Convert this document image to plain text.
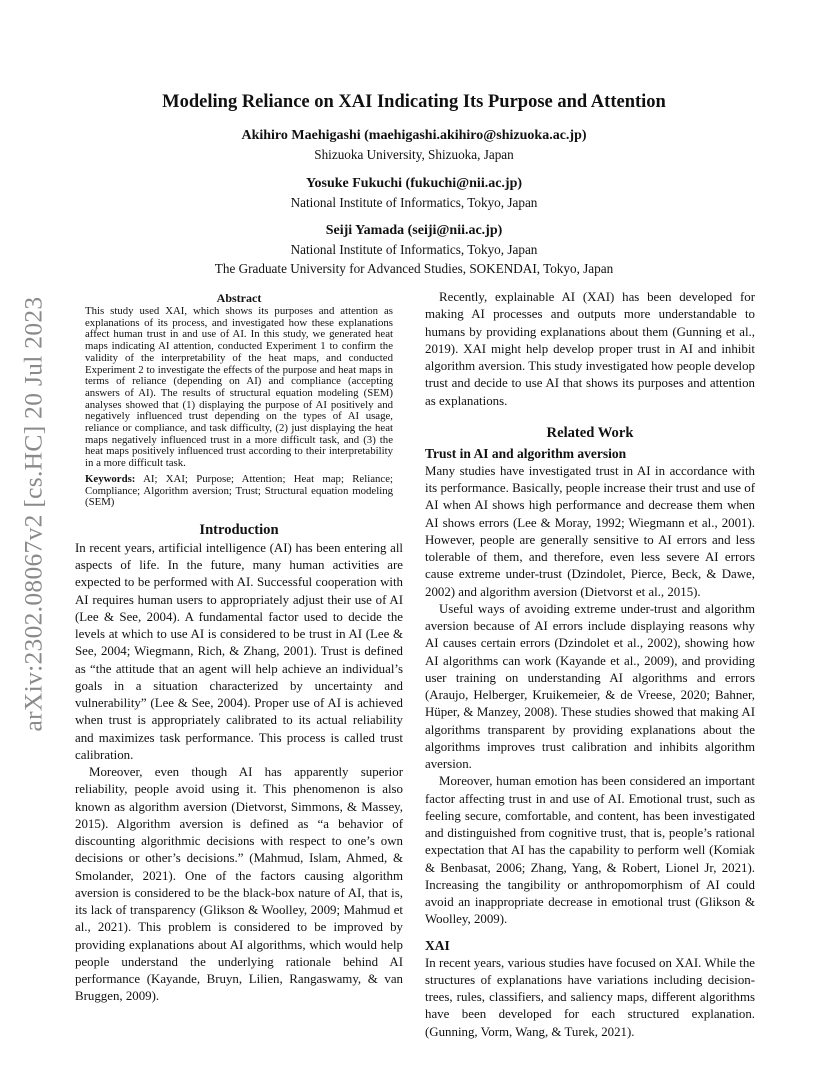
arXiv:2302.08067v2 [cs.HC] 20 Jul 2023
Modeling Reliance on XAI Indicating Its Purpose and Attention
Akihiro Maehigashi (maehigashi.akihiro@shizuoka.ac.jp)
Shizuoka University, Shizuoka, Japan
Yosuke Fukuchi (fukuchi@nii.ac.jp)
National Institute of Informatics, Tokyo, Japan
Seiji Yamada (seiji@nii.ac.jp)
National Institute of Informatics, Tokyo, Japan
The Graduate University for Advanced Studies, SOKENDAI, Tokyo, Japan
Abstract

This study used XAI, which shows its purposes and attention as explanations of its process, and investigated how these explanations affect human trust in and use of AI. In this study, we generated heat maps indicating AI attention, conducted Experiment 1 to confirm the validity of the interpretability of the heat maps, and conducted Experiment 2 to investigate the effects of the purpose and heat maps in terms of reliance (depending on AI) and compliance (accepting answers of AI). The results of structural equation modeling (SEM) analyses showed that (1) displaying the purpose of AI positively and negatively influenced trust depending on the types of AI usage, reliance or compliance, and task difficulty, (2) just displaying the heat maps negatively influenced trust in a more difficult task, and (3) the heat maps positively influenced trust according to their interpretability in a more difficult task.

Keywords: AI; XAI; Purpose; Attention; Heat map; Reliance; Compliance; Algorithm aversion; Trust; Structural equation modeling (SEM)

Introduction

In recent years, artificial intelligence (AI) has been entering all aspects of life. In the future, many human activities are expected to be performed with AI. Successful cooperation with AI requires human users to appropriately adjust their use of AI (Lee & See, 2004). A fundamental factor used to decide the levels at which to use AI is considered to be trust in AI (Lee & See, 2004; Wiegmann, Rich, & Zhang, 2001). Trust is defined as “the attitude that an agent will help achieve an individual’s goals in a situation characterized by uncertainty and vulnerability” (Lee & See, 2004). Proper use of AI is achieved when trust is appropriately calibrated to its actual reliability and maximizes task performance. This process is called trust calibration.

Moreover, even though AI has apparently superior reliability, people avoid using it. This phenomenon is also known as algorithm aversion (Dietvorst, Simmons, & Massey, 2015). Algorithm aversion is defined as “a behavior of discounting algorithmic decisions with respect to one’s own decisions or other’s decisions.” (Mahmud, Islam, Ahmed, & Smolander, 2021). One of the factors causing algorithm aversion is considered to be the black-box nature of AI, that is, its lack of transparency (Glikson & Woolley, 2009; Mahmud et al., 2021). This problem is considered to be improved by providing explanations about AI algorithms, which would help people understand the underlying rationale behind AI performance (Kayande, Bruyn, Lilien, Rangaswamy, & van Bruggen, 2009).

Recently, explainable AI (XAI) has been developed for making AI processes and outputs more understandable to humans by providing explanations about them (Gunning et al., 2019). XAI might help develop proper trust in AI and inhibit algorithm aversion. This study investigated how people develop trust and decide to use AI that shows its purposes and attention as explanations.

Related Work
Trust in AI and algorithm aversion

Many studies have investigated trust in AI in accordance with its performance. Basically, people increase their trust and use of AI when AI shows high performance and decrease them when AI shows errors (Lee & Moray, 1992; Wiegmann et al., 2001). However, people are generally sensitive to AI errors and less tolerable of them, and therefore, even less severe AI errors cause extreme under-trust (Dzindolet, Pierce, Beck, & Dawe, 2002) and algorithm aversion (Dietvorst et al., 2015).

Useful ways of avoiding extreme under-trust and algorithm aversion because of AI errors include displaying reasons why AI causes certain errors (Dzindolet et al., 2002), showing how AI algorithms can work (Kayande et al., 2009), and providing user training on understanding AI algorithms and errors (Araujo, Helberger, Kruikemeier, & de Vreese, 2020; Bahner, Hüper, & Manzey, 2008). These studies showed that making AI algorithms transparent by providing explanations about the algorithms improves trust calibration and inhibits algorithm aversion.

Moreover, human emotion has been considered an important factor affecting trust in and use of AI. Emotional trust, such as feeling secure, comfortable, and content, has been investigated and distinguished from cognitive trust, that is, people’s rational expectation that AI has the capability to perform well (Komiak & Benbasat, 2006; Zhang, Yang, & Robert, Lionel Jr, 2021). Increasing the tangibility or anthropomorphism of AI could avoid an inappropriate decrease in emotional trust (Glikson & Woolley, 2009).

XAI

In recent years, various studies have focused on XAI. While the structures of explanations have variations including decision-trees, rules, classifiers, and saliency maps, different algorithms have been developed for each structured explanation. (Gunning, Vorm, Wang, & Turek, 2021).
